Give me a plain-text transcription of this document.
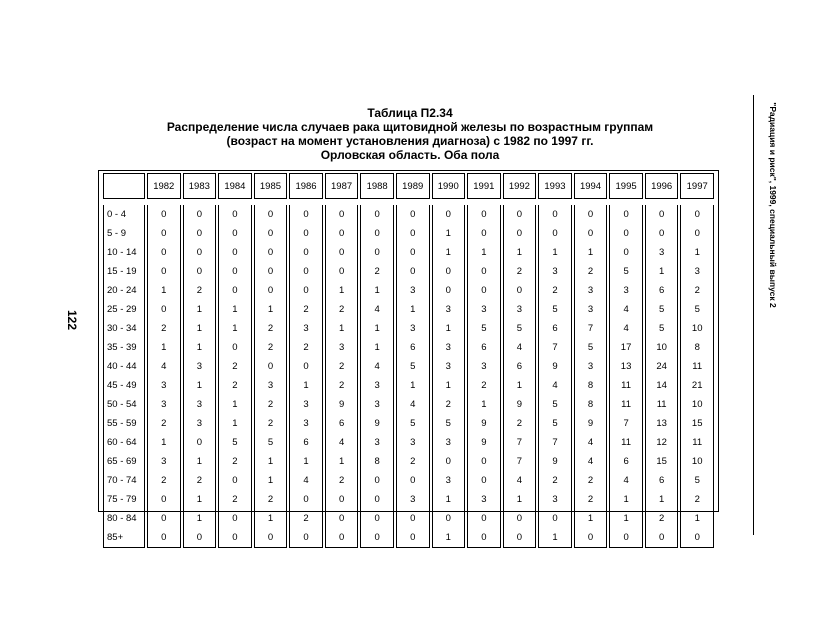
Таблица П2.34
Распределение числа случаев рака щитовидной железы по возрастным группам
(возраст на момент установления диагноза) с 1982 по 1997 гг.
Орловская область. Оба пола
	1982	1983	1984	1985	1986	1987	1988	1989	1990	1991	1992	1993	1994	1995	1996	1997

0 - 4	0	0	0	0	0	0	0	0	0	0	0	0	0	0	0	0
5 - 9	0	0	0	0	0	0	0	0	1	0	0	0	0	0	0	0
10 - 14	0	0	0	0	0	0	0	0	1	1	1	1	1	0	3	1
15 - 19	0	0	0	0	0	0	2	0	0	0	2	3	2	5	1	3
20 - 24	1	2	0	0	0	1	1	3	0	0	0	2	3	3	6	2
25 - 29	0	1	1	1	2	2	4	1	3	3	3	5	3	4	5	5
30 - 34	2	1	1	2	3	1	1	3	1	5	5	6	7	4	5	10
35 - 39	1	1	0	2	2	3	1	6	3	6	4	7	5	17	10	8
40 - 44	4	3	2	0	0	2	4	5	3	3	6	9	3	13	24	11
45 - 49	3	1	2	3	1	2	3	1	1	2	1	4	8	11	14	21
50 - 54	3	3	1	2	3	9	3	4	2	1	9	5	8	11	11	10
55 - 59	2	3	1	2	3	6	9	5	5	9	2	5	9	7	13	15
60 - 64	1	0	5	5	6	4	3	3	3	9	7	7	4	11	12	11
65 - 69	3	1	2	1	1	1	8	2	0	0	7	9	4	6	15	10
70 - 74	2	2	0	1	4	2	0	0	3	0	4	2	2	4	6	5
75 - 79	0	1	2	2	0	0	0	3	1	3	1	3	2	1	1	2
80 - 84	0	1	0	1	2	0	0	0	0	0	0	0	1	1	2	1
85+	0	0	0	0	0	0	0	0	1	0	0	1	0	0	0	0
122
"Радиация и риск", 1999, специальный выпуск 2
